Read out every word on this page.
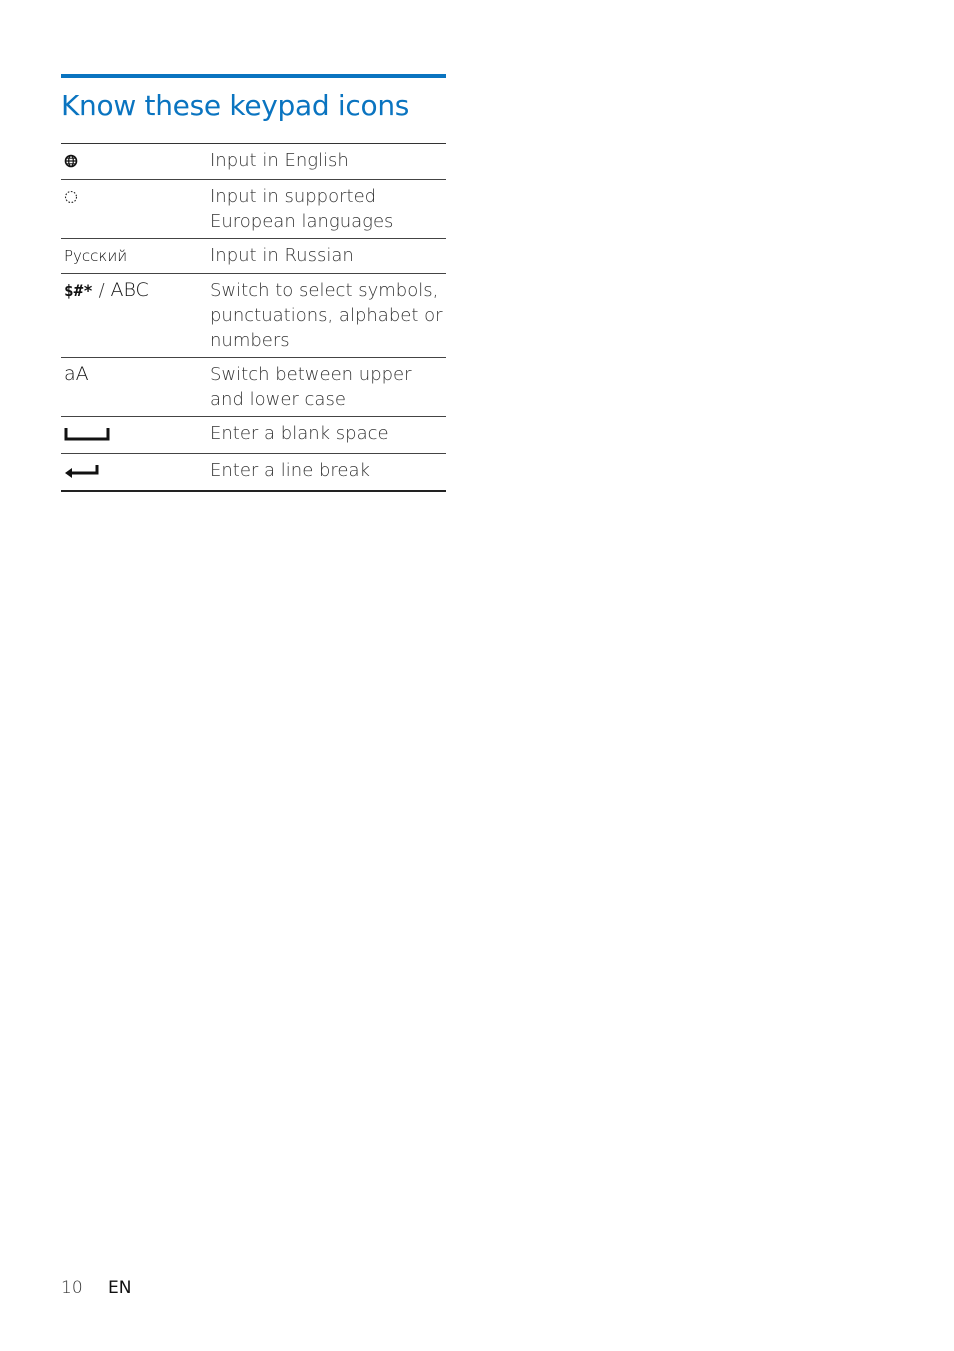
Know these keypad icons
	Input in English
	Input in supported European languages
Русский	Input in Russian
$#* / ABC	Switch to select symbols, punctuations, alphabet or numbers
aA	Switch between upper and lower case
	Enter a blank space
	Enter a line break
10 EN
